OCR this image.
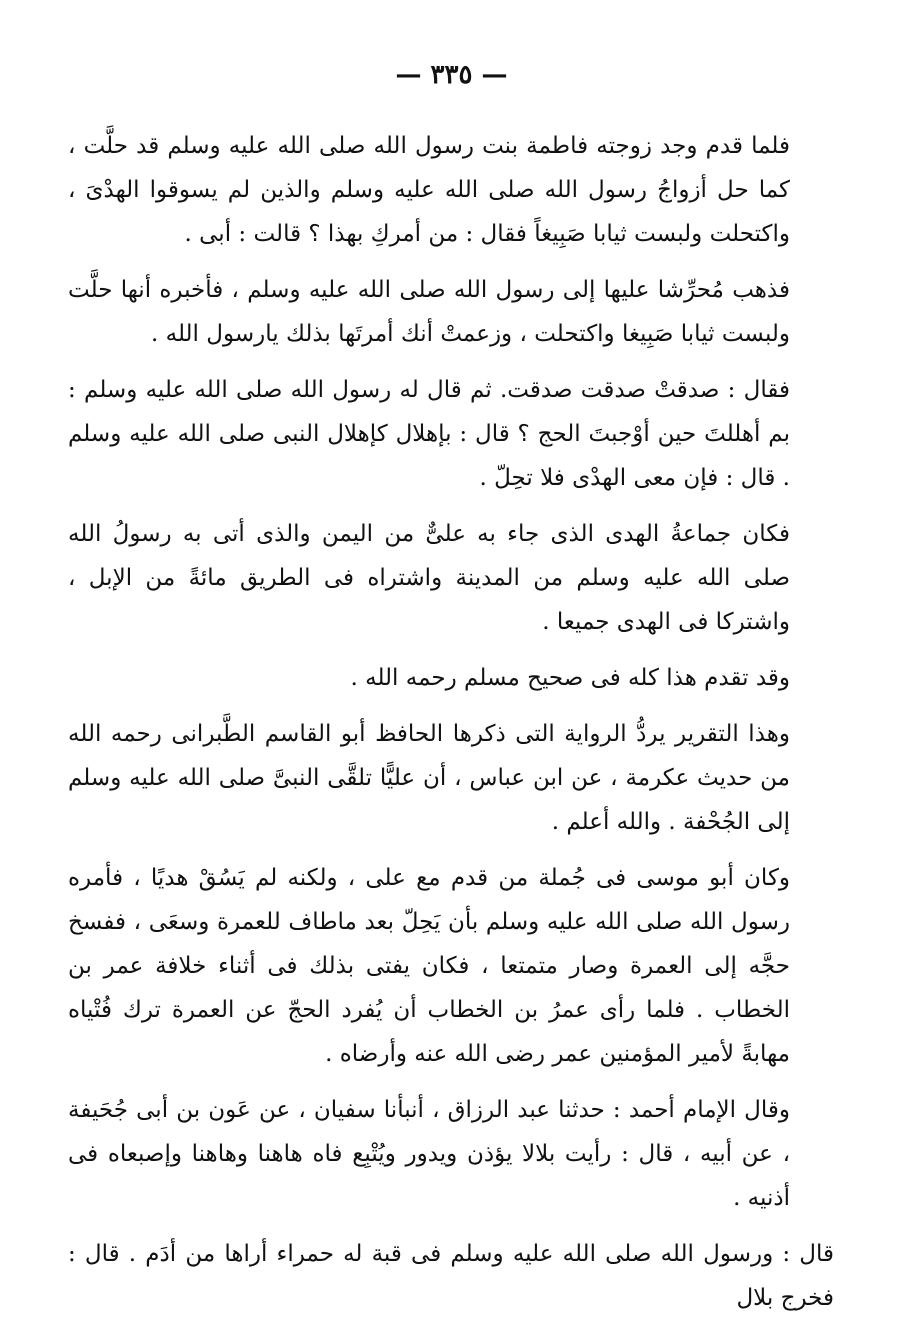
— ٣٣٥ —

فلما قدم وجد زوجته فاطمة بنت رسول الله صلى الله عليه وسلم قد حلَّت ، كما حل أزواجُ رسول الله صلى الله عليه وسلم والذين لم يسوقوا الهدْىَ ، واكتحلت ولبست ثيابا صَبِيغاً فقال : من أمركِ بهذا ؟ قالت : أبى .

فذهب مُحرِّشا عليها إلى رسول الله صلى الله عليه وسلم ، فأخبره أنها حلَّت ولبست ثيابا صَبِيغا واكتحلت ، وزعمتْ أنك أمرتَها بذلك يارسول الله .

فقال : صدقتْ صدقت صدقت. ثم قال له رسول الله صلى الله عليه وسلم : بم أهللتَ حين أوْجبتَ الحج ؟ قال : بإهلال كإهلال النبى صلى الله عليه وسلم . قال : فإن معى الهدْى فلا تحِلّ .

فكان جماعةُ الهدى الذى جاء به علىٌّ من اليمن والذى أتى به رسولُ الله صلى الله عليه وسلم من المدينة واشتراه فى الطريق مائةً من الإبل ، واشتركا فى الهدى جميعا .

وقد تقدم هذا كله فى صحيح مسلم رحمه الله .

وهذا التقرير يردُّ الرواية التى ذكرها الحافظ أبو القاسم الطَّبرانى رحمه الله من حديث عكرمة ، عن ابن عباس ، أن عليًّا تلقَّى النبىَّ صلى الله عليه وسلم إلى الجُحْفة . والله أعلم .

وكان أبو موسى فى جُملة من قدم مع على ، ولكنه لم يَسُقْ هديًا ، فأمره رسول الله صلى الله عليه وسلم بأن يَحِلّ بعد ماطاف للعمرة وسعَى ، ففسخ حجَّه إلى العمرة وصار متمتعا ، فكان يفتى بذلك فى أثناء خلافة عمر بن الخطاب . فلما رأى عمرُ بن الخطاب أن يُفرد الحجّ عن العمرة ترك فُتْياه مهابةً لأمير المؤمنين عمر رضى الله عنه وأرضاه .

وقال الإمام أحمد : حدثنا عبد الرزاق ، أنبأنا سفيان ، عن عَون بن أبى جُحَيفة ، عن أبيه ، قال : رأيت بلالا يؤذن ويدور ويُتْبِع فاه هاهنا وهاهنا وإصبعاه فى أذنيه .

قال : ورسول الله صلى الله عليه وسلم فى قبة له حمراء أراها من أدَم . قال : فخرج بلال
